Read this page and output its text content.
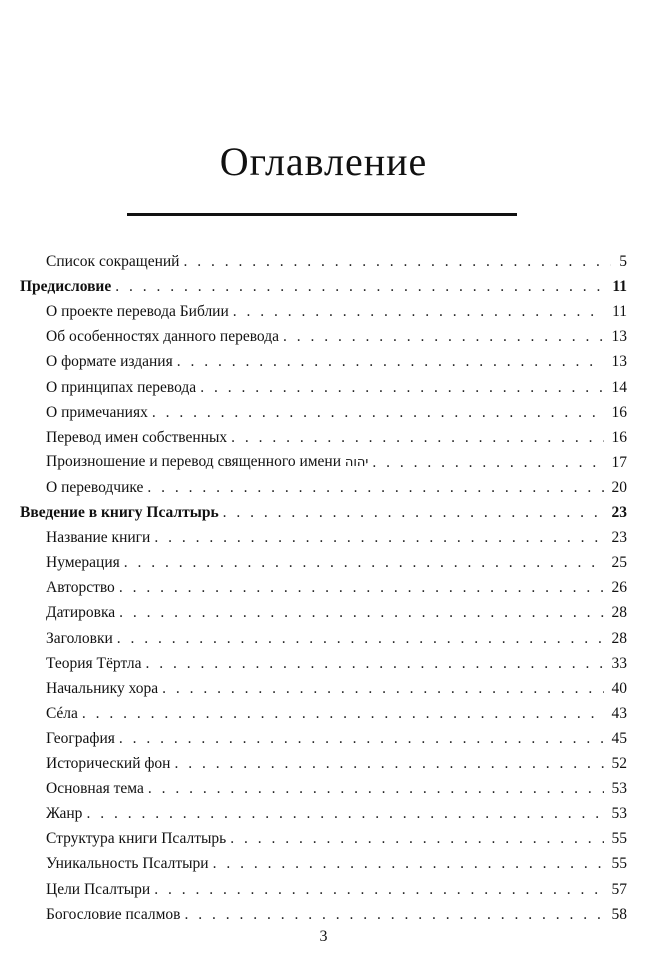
Оглавление
Список сокращений . . .	5
Предисловие . . .	11
О проекте перевода Библии . . .	11
Об особенностях данного перевода . . .	13
О формате издания . . .	13
О принципах перевода . . .	14
О примечаниях . . .	16
Перевод имен собственных . . .	16
Произношение и перевод священного имени יהוה . . .	17
О переводчике . . .	20
Введение в книгу Псалтырь . . .	23
Название книги . . .	23
Нумерация . . .	25
Авторство . . .	26
Датировка . . .	28
Заголовки . . .	28
Теория Тёртла . . .	33
Начальнику хора . . .	40
Сéла . . .	43
География . . .	45
Исторический фон . . .	52
Основная тема . . .	53
Жанр . . .	53
Структура книги Псалтырь . . .	55
Уникальность Псалтыри . . .	55
Цели Псалтыри . . .	57
Богословие псалмов . . .	58
3
